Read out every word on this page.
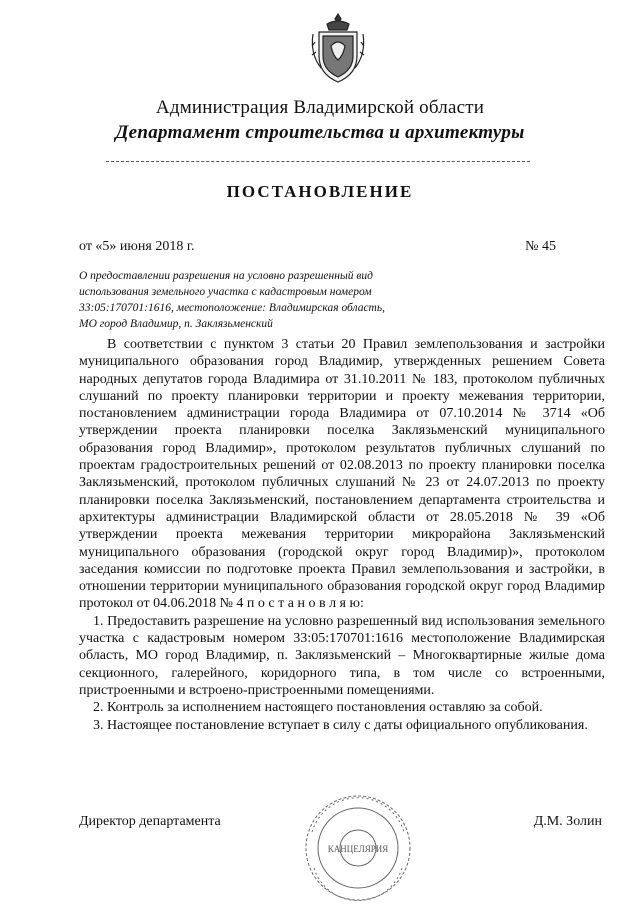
Администрация Владимирской области
Департамент строительства и архитектуры
ПОСТАНОВЛЕНИЕ
от «5» июня 2018 г.	№ 45
О предоставлении разрешения на условно разрешенный вид
использования земельного участка с кадастровым номером
33:05:170701:1616, местоположение: Владимирская область,
МО город Владимир, п. Заклязьменский

В соответствии с пунктом 3 статьи 20 Правил землепользования и застройки муниципального образования город Владимир, утвержденных решением Совета народных депутатов города Владимира от 31.10.2011 № 183, протоколом публичных слушаний по проекту планировки территории и проекту межевания территории, постановлением администрации города Владимира от 07.10.2014 № 3714 «Об утверждении проекта планировки поселка Заклязьменский муниципального образования город Владимир», протоколом результатов публичных слушаний по проектам градостроительных решений от 02.08.2013 по проекту планировки поселка Заклязьменский, протоколом публичных слушаний № 23 от 24.07.2013 по проекту планировки поселка Заклязьменский, постановлением департамента строительства и архитектуры администрации Владимирской области от 28.05.2018 № 39 «Об утверждении проекта межевания территории микрорайона Заклязьменский муниципального образования (городской округ город Владимир)», протоколом заседания комиссии по подготовке проекта Правил землепользования и застройки, в отношении территории муниципального образования городской округ город Владимир протокол от 04.06.2018 № 4 п о с т а н о в л я ю:

1. Предоставить разрешение на условно разрешенный вид использования земельного участка с кадастровым номером 33:05:170701:1616 местоположение Владимирская область, МО город Владимир, п. Заклязьменский – Многоквартирные жилые дома секционного, галерейного, коридорного типа, в том числе со встроенными, пристроенными и встроено-пристроенными помещениями.

2. Контроль за исполнением настоящего постановления оставляю за собой.

3. Настоящее постановление вступает в силу с даты официального опубликования.

Директор департамента	Д.М. Золин
КАНЦЕЛЯРИЯ
